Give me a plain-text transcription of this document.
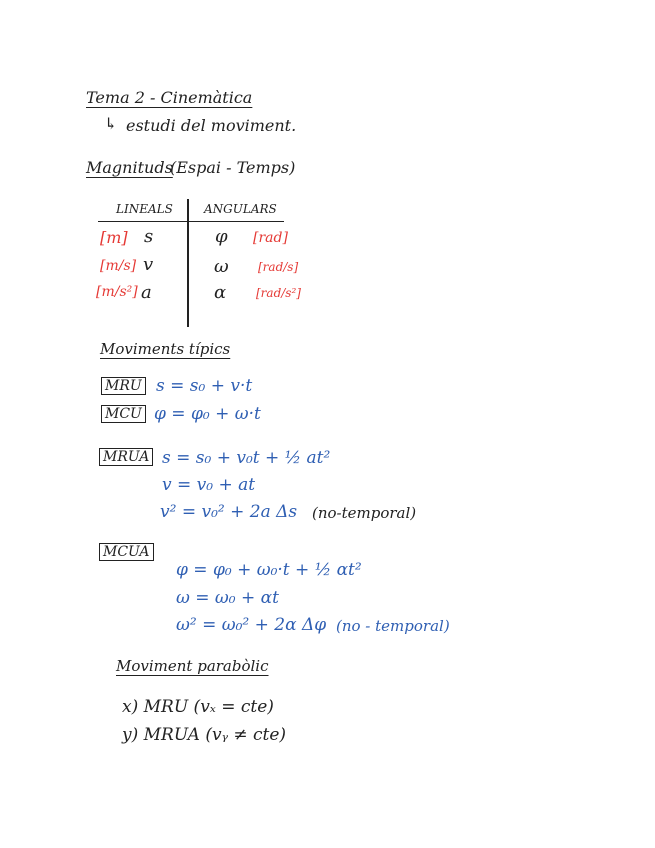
Tema 2 - Cinemàtica
↳ estudi del moviment.
Magnituds
(Espai - Temps)
LINEALS	ANGULARS
[m] s	φ [rad]
[m/s] v	ω [rad/s]
[m/s²] a	α [rad/s²]
Moviments típics
MRU s = s₀ + v·t
MCU φ = φ₀ + ω·t
MRUA s = s₀ + v₀t + ½ at²
v = v₀ + at
v² = v₀² + 2a Δs (no-temporal)
MCUA
φ = φ₀ + ω₀·t + ½ αt²
ω = ω₀ + αt
ω² = ω₀² + 2α Δφ (no - temporal)
Moviment parabòlic
x) MRU (vₓ = cte)
y) MRUA (vᵧ ≠ cte)
